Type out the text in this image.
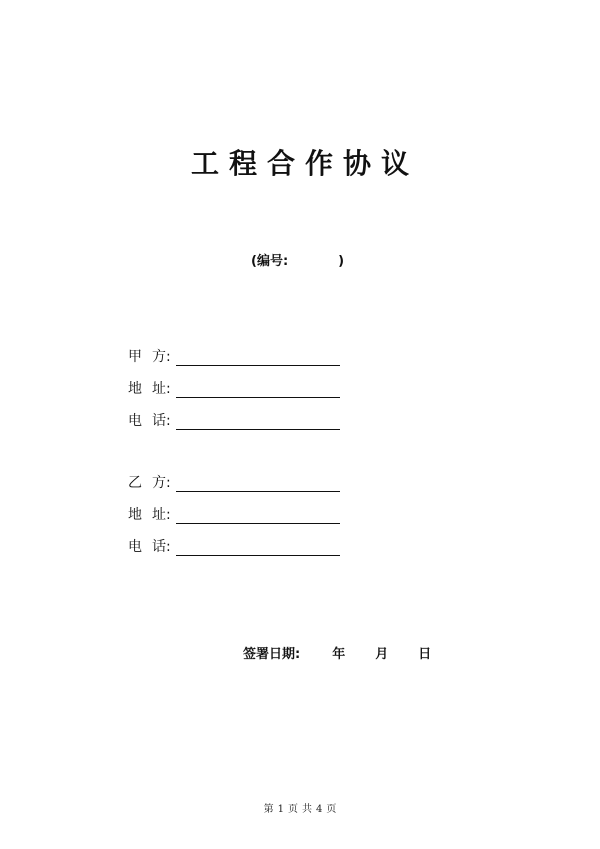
工程合作协议
(编号:	)
甲 方:
地 址:
电 话:
乙 方:
地 址:
电 话:
签署日期: 年 月 日
第 1 页 共 4 页
